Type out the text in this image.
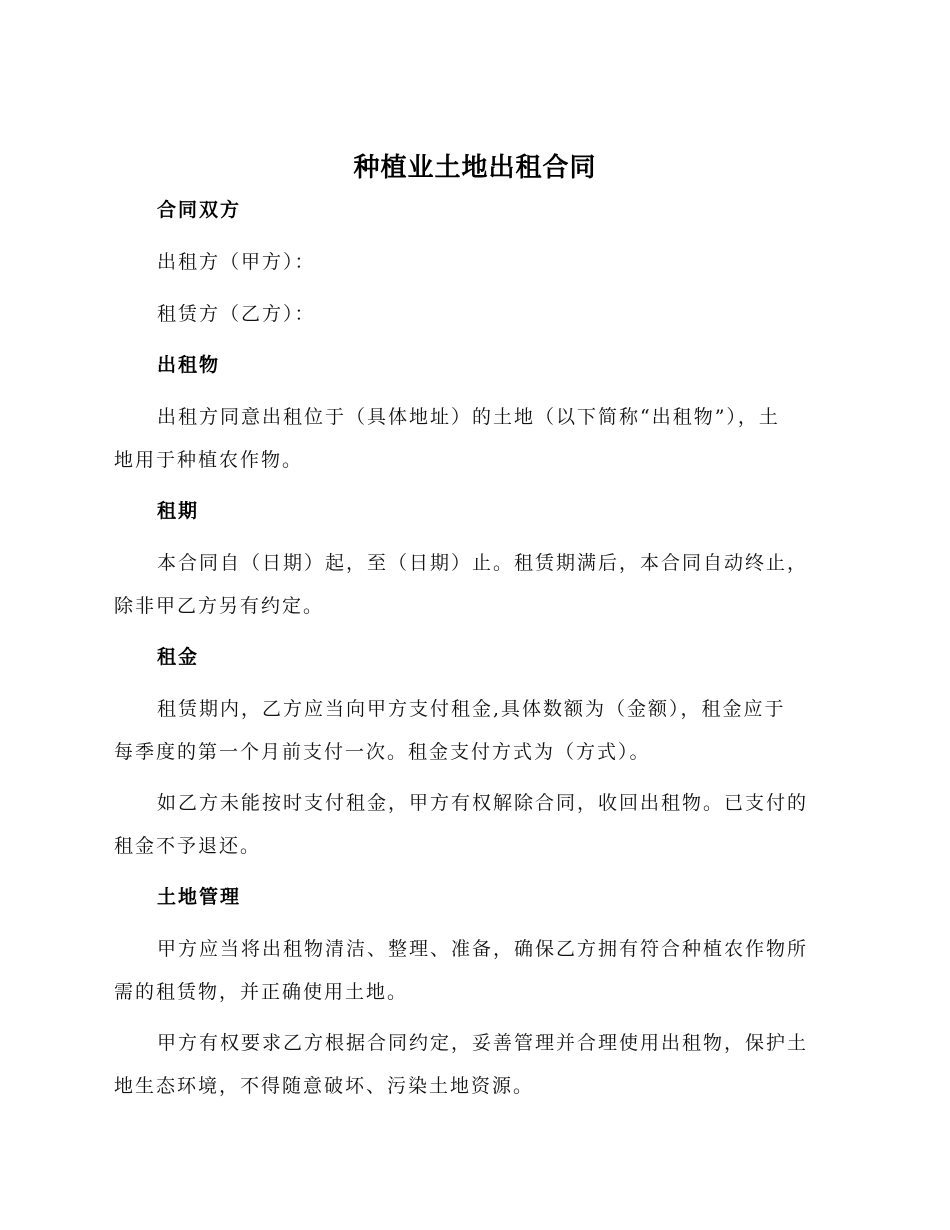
种植业土地出租合同
合同双方
出租方（甲方）：
租赁方（乙方）：
出租物
出租方同意出租位于（具体地址）的土地（以下简称“出租物”），土
地用于种植农作物。
租期
本合同自（日期）起，至（日期）止。租赁期满后，本合同自动终止，
除非甲乙方另有约定。
租金
租赁期内，乙方应当向甲方支付租金,具体数额为（金额），租金应于
每季度的第一个月前支付一次。租金支付方式为（方式）。
如乙方未能按时支付租金，甲方有权解除合同，收回出租物。已支付的
租金不予退还。
土地管理
甲方应当将出租物清洁、整理、准备，确保乙方拥有符合种植农作物所
需的租赁物，并正确使用土地。
甲方有权要求乙方根据合同约定，妥善管理并合理使用出租物，保护土
地生态环境，不得随意破坏、污染土地资源。
